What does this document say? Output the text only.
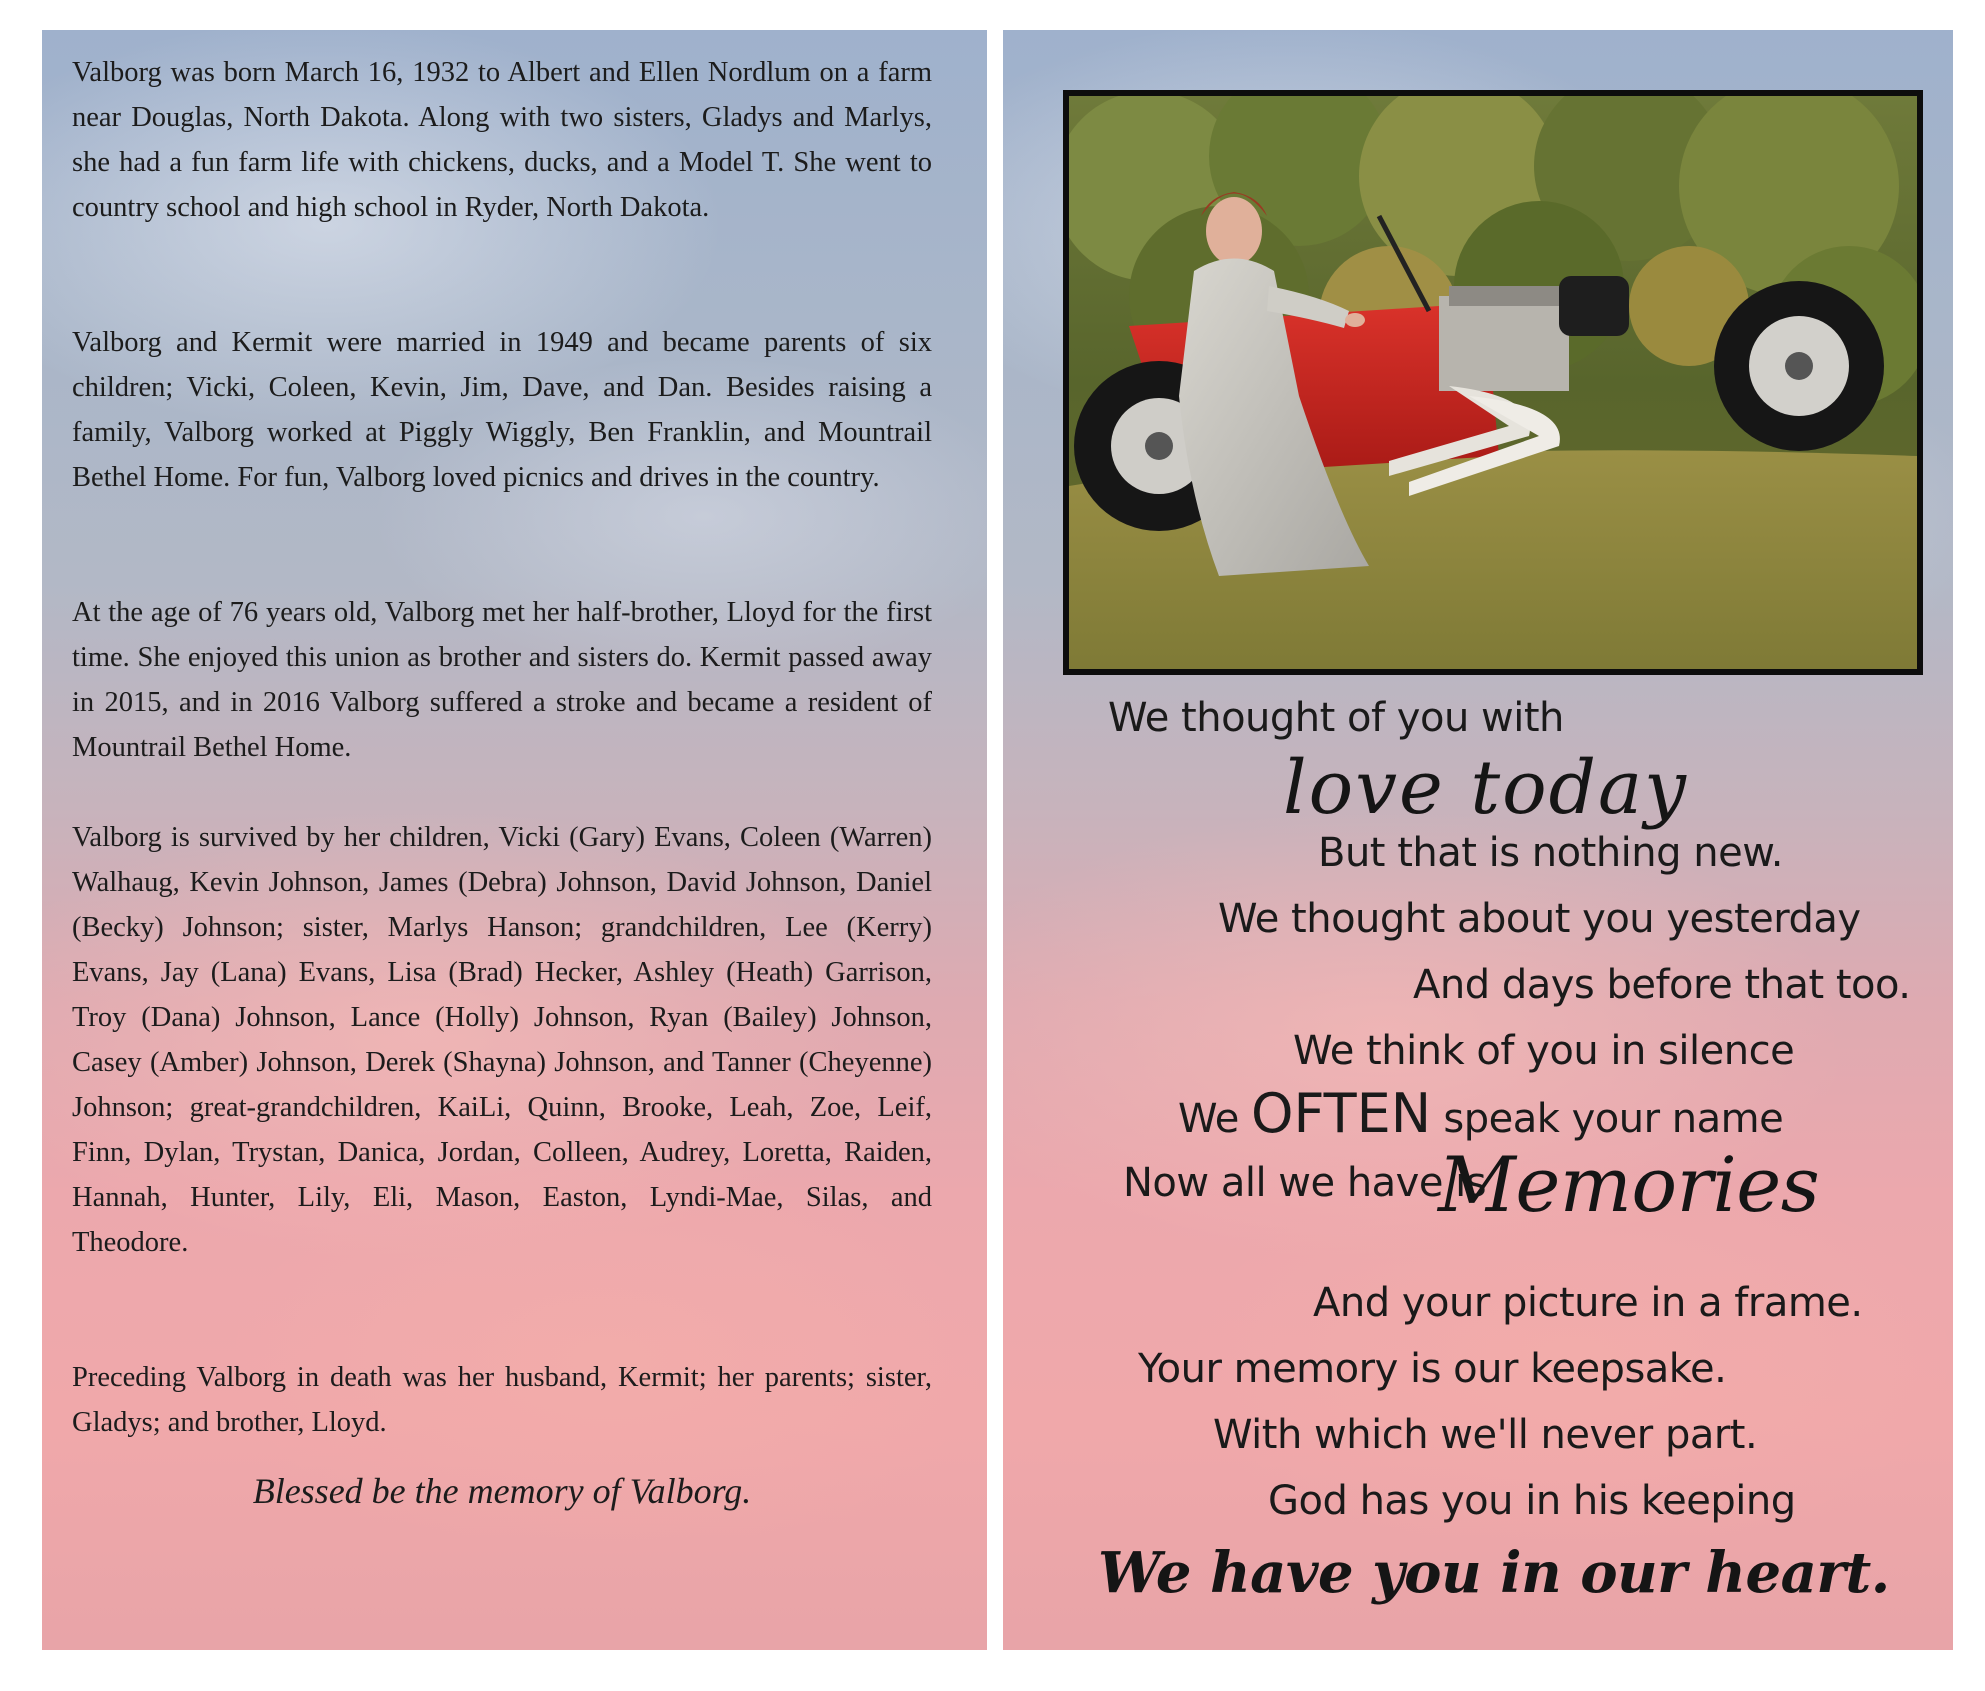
Valborg was born March 16, 1932 to Albert and Ellen Nordlum on a farm near Douglas, North Dakota. Along with two sisters, Gladys and Marlys, she had a fun farm life with chickens, ducks, and a Model T. She went to country school and high school in Ryder, North Dakota.

Valborg and Kermit were married in 1949 and became parents of six children; Vicki, Coleen, Kevin, Jim, Dave, and Dan. Besides raising a family, Valborg worked at Piggly Wiggly, Ben Franklin, and Mountrail Bethel Home. For fun, Valborg loved picnics and drives in the country.

At the age of 76 years old, Valborg met her half-brother, Lloyd for the first time. She enjoyed this union as brother and sisters do. Kermit passed away in 2015, and in 2016 Valborg suffered a stroke and became a resident of Mountrail Bethel Home.

Valborg is survived by her children, Vicki (Gary) Evans, Coleen (Warren) Walhaug, Kevin Johnson, James (Debra) Johnson, David Johnson, Daniel (Becky) Johnson; sister, Marlys Hanson; grandchildren, Lee (Kerry) Evans, Jay (Lana) Evans, Lisa (Brad) Hecker, Ashley (Heath) Garrison, Troy (Dana) Johnson, Lance (Holly) Johnson, Ryan (Bailey) Johnson, Casey (Amber) Johnson, Derek (Shayna) Johnson, and Tanner (Cheyenne) Johnson; great-grandchildren, KaiLi, Quinn, Brooke, Leah, Zoe, Leif, Finn, Dylan, Trystan, Danica, Jordan, Colleen, Audrey, Loretta, Raiden, Hannah, Hunter, Lily, Eli, Mason, Easton, Lyndi-Mae, Silas, and Theodore.

Preceding Valborg in death was her husband, Kermit; her parents; sister, Gladys; and brother, Lloyd.

Blessed be the memory of Valborg.

We thought of you with

love today

But that is nothing new.

We thought about you yesterday

And days before that too.

We think of you in silence

We OFTEN speak your name

Now all we have is

Memories

And your picture in a frame.

Your memory is our keepsake.

With which we'll never part.

God has you in his keeping

We have you in our heart.
